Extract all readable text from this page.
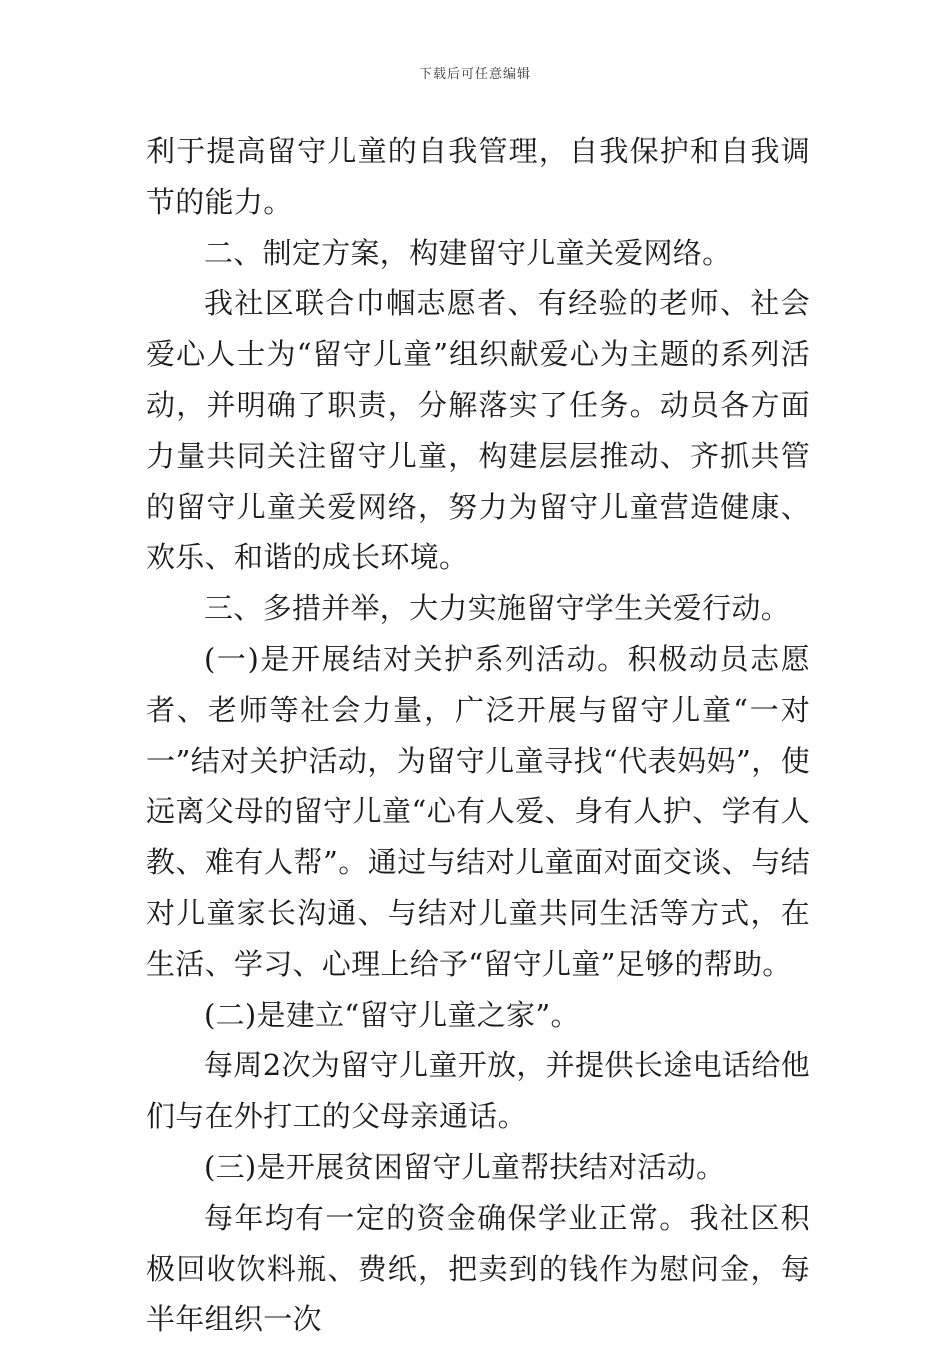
下载后可任意编辑

利于提高留守儿童的自我管理，自我保护和自我调节的能力。

二、制定方案，构建留守儿童关爱网络。

我社区联合巾帼志愿者、有经验的老师、社会爱心人士为“留守儿童”组织献爱心为主题的系列活动，并明确了职责，分解落实了任务。动员各方面力量共同关注留守儿童，构建层层推动、齐抓共管的留守儿童关爱网络，努力为留守儿童营造健康、欢乐、和谐的成长环境。

三、多措并举，大力实施留守学生关爱行动。

(一)是开展结对关护系列活动。积极动员志愿者、老师等社会力量，广泛开展与留守儿童“一对一”结对关护活动，为留守儿童寻找“代表妈妈”，使远离父母的留守儿童“心有人爱、身有人护、学有人教、难有人帮”。通过与结对儿童面对面交谈、与结对儿童家长沟通、与结对儿童共同生活等方式，在生活、学习、心理上给予“留守儿童”足够的帮助。

(二)是建立“留守儿童之家”。

每周2次为留守儿童开放，并提供长途电话给他们与在外打工的父母亲通话。

(三)是开展贫困留守儿童帮扶结对活动。

每年均有一定的资金确保学业正常。我社区积极回收饮料瓶、费纸，把卖到的钱作为慰问金，每半年组织一次
